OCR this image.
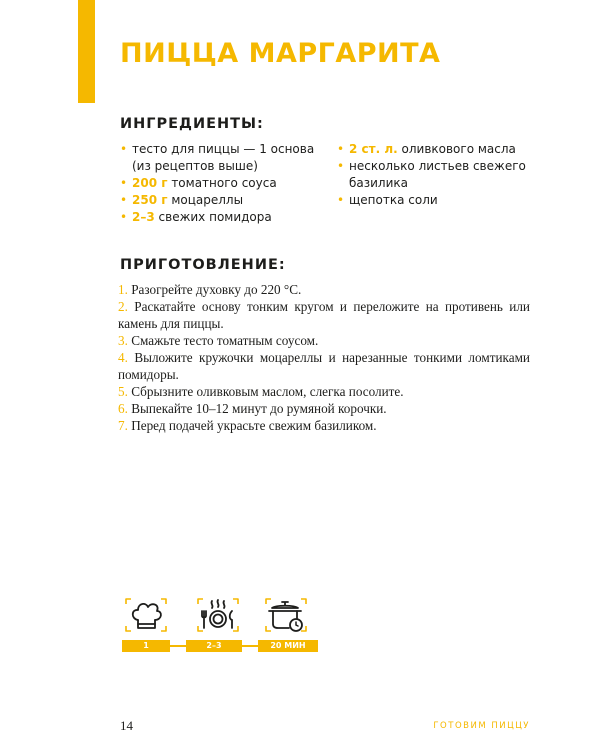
ПИЦЦА МАРГАРИТА
ИНГРЕДИЕНТЫ:
• тесто для пиццы — 1 основа (из рецептов выше)
• 200 г томатного соуса
• 250 г моцареллы
• 2–3 свежих помидора
• 2 ст. л. оливкового масла
• несколько листьев свежего базилика
• щепотка соли
ПРИГОТОВЛЕНИЕ:
1. Разогрейте духовку до 220 °C.
2. Раскатайте основу тонким кругом и переложите на противень или камень для пиццы.
3. Смажьте тесто томатным соусом.
4. Выложите кружочки моцареллы и нарезанные тонкими ломтиками помидоры.
5. Сбрызните оливковым маслом, слегка посолите.
6. Выпекайте 10–12 минут до румяной корочки.
7. Перед подачей украсьте свежим базиликом.
1	2–3	20 МИН
14	ГОТОВИМ ПИЦЦУ
